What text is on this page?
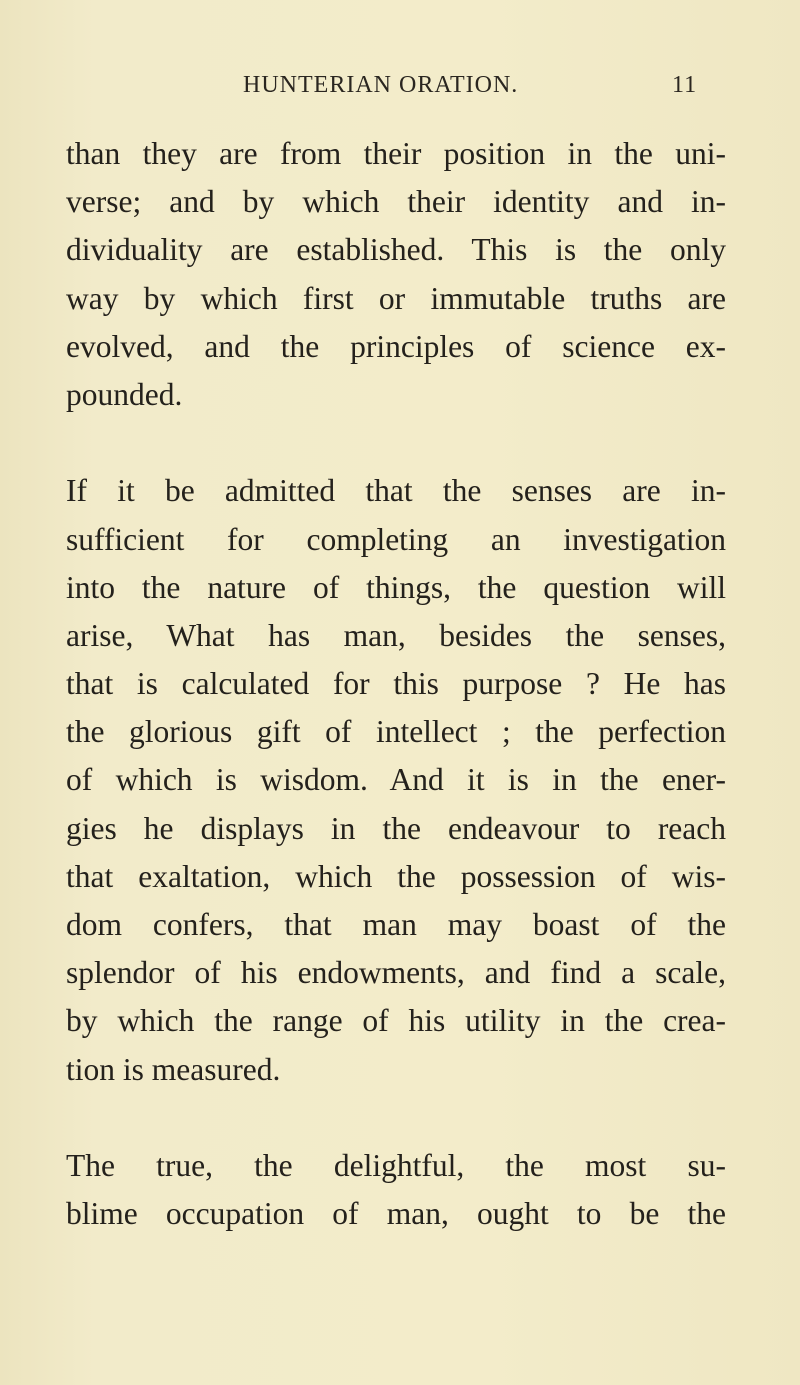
HUNTERIAN ORATION.	11
than they are from their position in the uni-
verse; and by which their identity and in-
dividuality are established. This is the only
way by which first or immutable truths are
evolved, and the principles of science ex-
pounded.
If it be admitted that the senses are in-
sufficient for completing an investigation
into the nature of things, the question will
arise, What has man, besides the senses,
that is calculated for this purpose ? He has
the glorious gift of intellect ; the perfection
of which is wisdom. And it is in the ener-
gies he displays in the endeavour to reach
that exaltation, which the possession of wis-
dom confers, that man may boast of the
splendor of his endowments, and find a scale,
by which the range of his utility in the crea-
tion is measured.
The true, the delightful, the most su-
blime occupation of man, ought to be the
